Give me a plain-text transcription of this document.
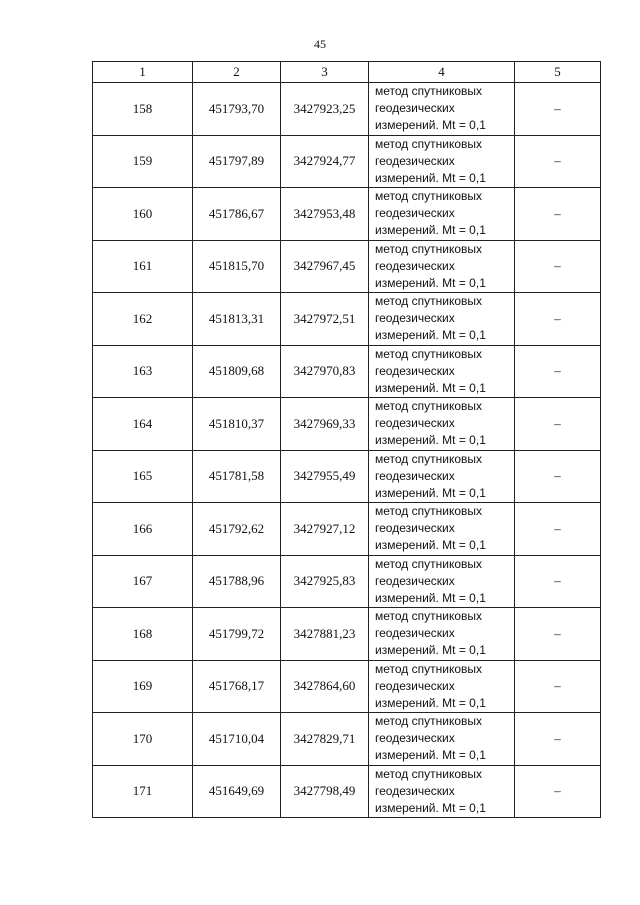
45
1	2	3	4	5
158	451793,70	3427923,25	метод спутниковых
геодезических
измерений. Mt = 0,1	–
159	451797,89	3427924,77	метод спутниковых
геодезических
измерений. Mt = 0,1	–
160	451786,67	3427953,48	метод спутниковых
геодезических
измерений. Mt = 0,1	–
161	451815,70	3427967,45	метод спутниковых
геодезических
измерений. Mt = 0,1	–
162	451813,31	3427972,51	метод спутниковых
геодезических
измерений. Mt = 0,1	–
163	451809,68	3427970,83	метод спутниковых
геодезических
измерений. Mt = 0,1	–
164	451810,37	3427969,33	метод спутниковых
геодезических
измерений. Mt = 0,1	–
165	451781,58	3427955,49	метод спутниковых
геодезических
измерений. Mt = 0,1	–
166	451792,62	3427927,12	метод спутниковых
геодезических
измерений. Mt = 0,1	–
167	451788,96	3427925,83	метод спутниковых
геодезических
измерений. Mt = 0,1	–
168	451799,72	3427881,23	метод спутниковых
геодезических
измерений. Mt = 0,1	–
169	451768,17	3427864,60	метод спутниковых
геодезических
измерений. Mt = 0,1	–
170	451710,04	3427829,71	метод спутниковых
геодезических
измерений. Mt = 0,1	–
171	451649,69	3427798,49	метод спутниковых
геодезических
измерений. Mt = 0,1	–
